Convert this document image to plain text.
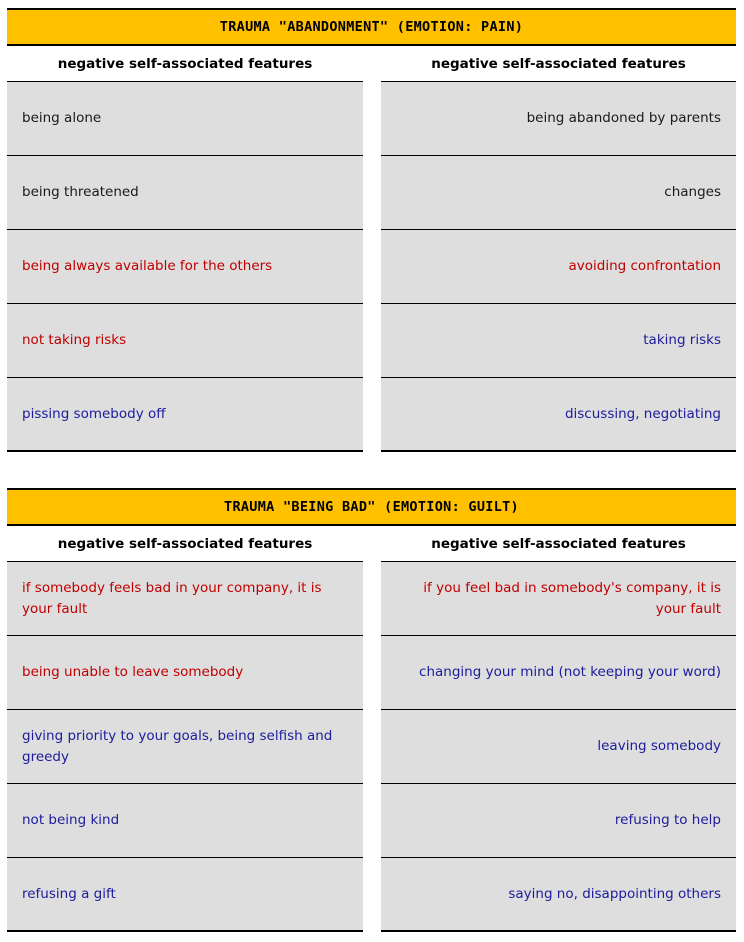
TRAUMA "ABANDONMENT" (EMOTION: PAIN)
negative self-associated features
being alone
being threatened
being always available for the others
not taking risks
pissing somebody off
negative self-associated features
being abandoned by parents
changes
avoiding confrontation
taking risks
discussing, negotiating
TRAUMA "BEING BAD" (EMOTION: GUILT)
negative self-associated features
if somebody feels bad in your company, it is your fault
being unable to leave somebody
giving priority to your goals, being selfish and greedy
not being kind
refusing a gift
negative self-associated features
if you feel bad in somebody's company, it is your fault
changing your mind (not keeping your word)
leaving somebody
refusing to help
saying no, disappointing others
